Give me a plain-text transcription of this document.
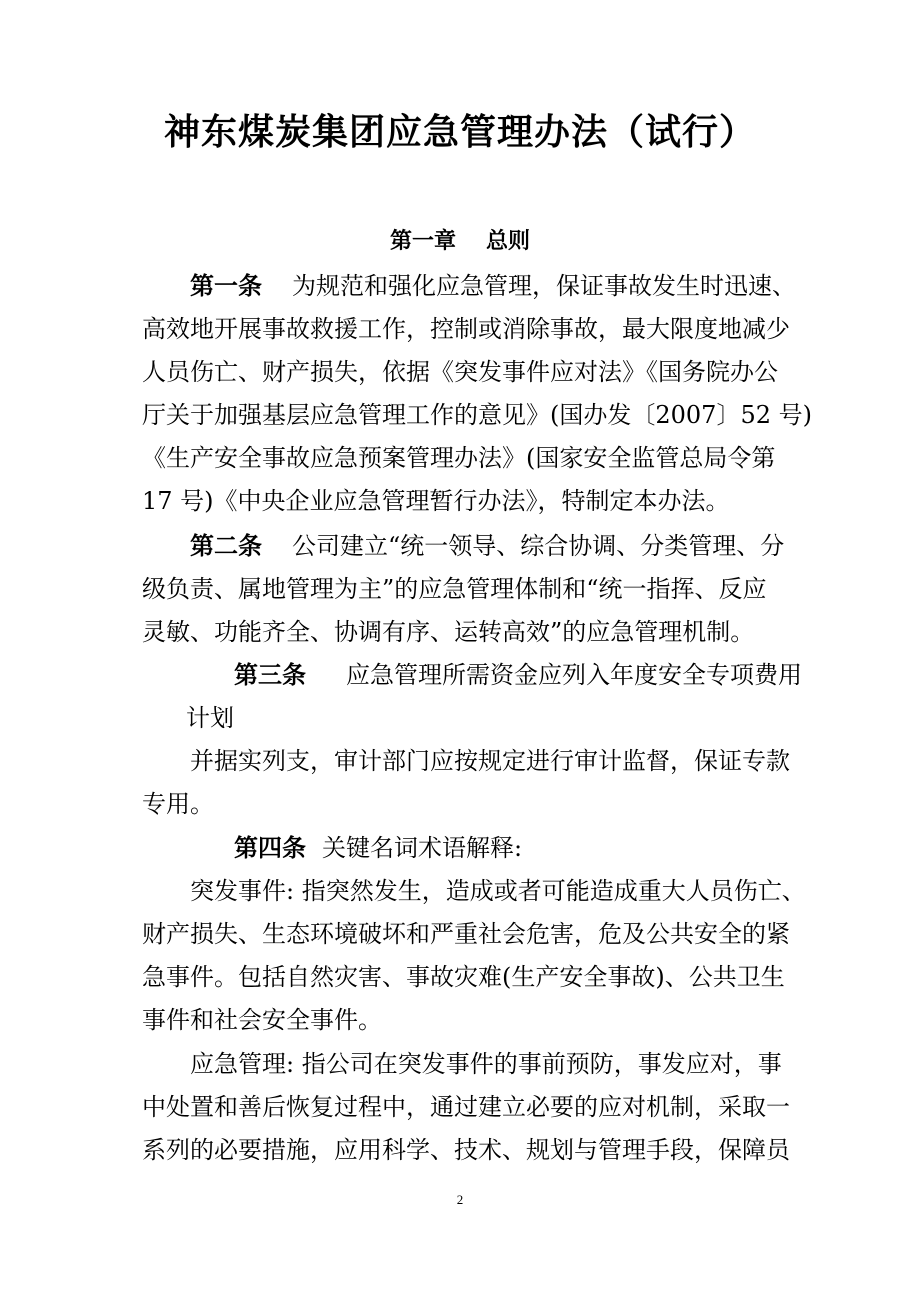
神东煤炭集团应急管理办法（试行）
第一章 总则
第一条 为规范和强化应急管理，保证事故发生时迅速、
高效地开展事故救援工作，控制或消除事故，最大限度地减少
人员伤亡、财产损失，依据《突发事件应对法》《国务院办公
厅关于加强基层应急管理工作的意见》(国办发〔2007〕52 号)
《生产安全事故应急预案管理办法》(国家安全监管总局令第
17 号)《中央企业应急管理暂行办法》，特制定本办法。
第二条 公司建立“统一领导、综合协调、分类管理、分
级负责、属地管理为主”的应急管理体制和“统一指挥、反应
灵敏、功能齐全、协调有序、运转高效”的应急管理机制。
第三条 应急管理所需资金应列入年度安全专项费用
计划
并据实列支，审计部门应按规定进行审计监督，保证专款
专用。
第四条 关键名词术语解释:
突发事件: 指突然发生，造成或者可能造成重大人员伤亡、
财产损失、生态环境破坏和严重社会危害，危及公共安全的紧
急事件。包括自然灾害、事故灾难(生产安全事故)、公共卫生
事件和社会安全事件。
应急管理: 指公司在突发事件的事前预防，事发应对，事
中处置和善后恢复过程中，通过建立必要的应对机制，采取一
系列的必要措施，应用科学、技术、规划与管理手段，保障员
2
